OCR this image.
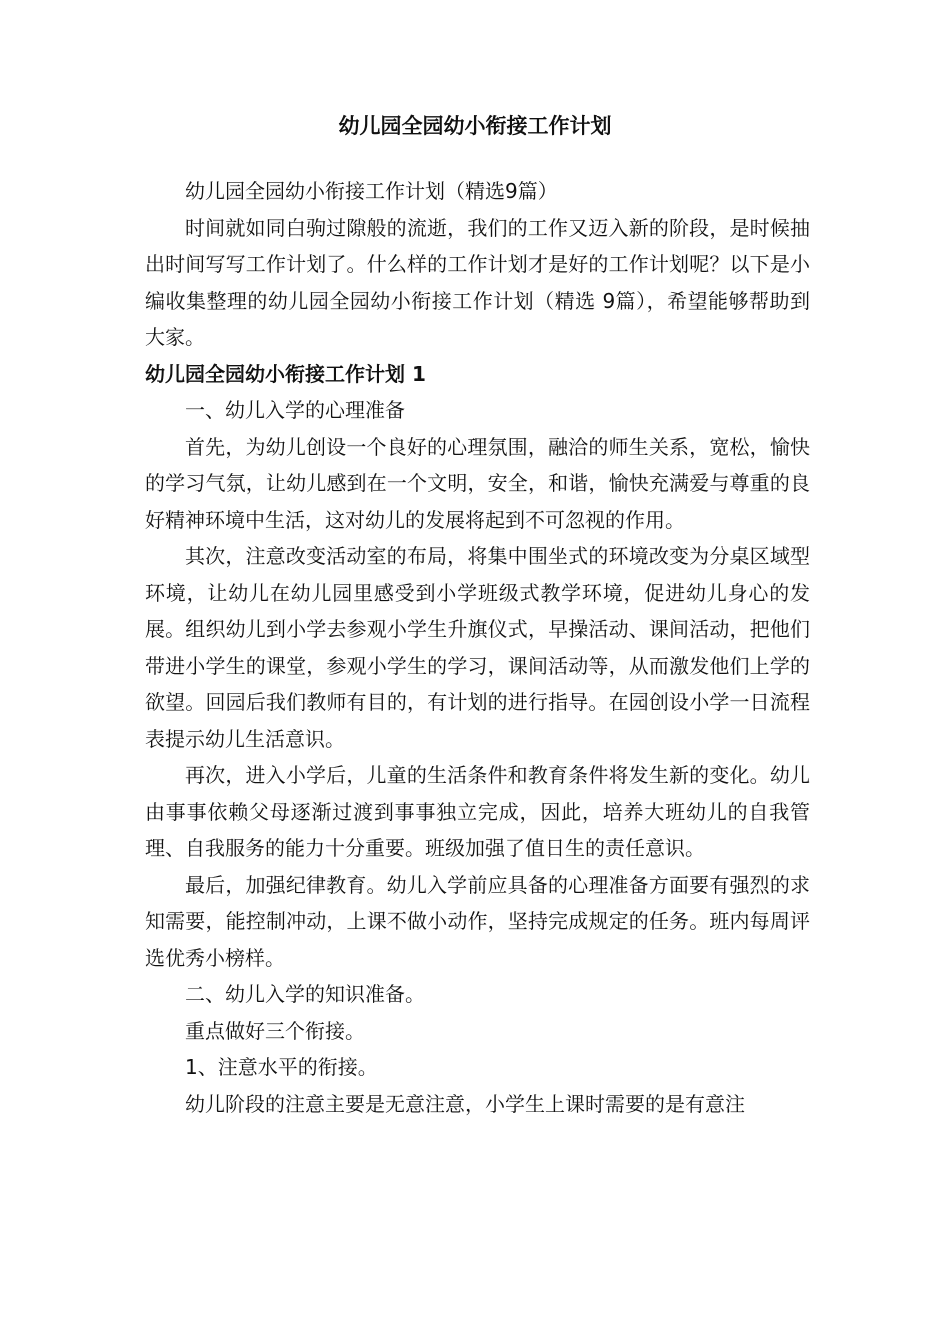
幼儿园全园幼小衔接工作计划

幼儿园全园幼小衔接工作计划（精选9篇）

时间就如同白驹过隙般的流逝，我们的工作又迈入新的阶段，是时候抽出时间写写工作计划了。什么样的工作计划才是好的工作计划呢？以下是小编收集整理的幼儿园全园幼小衔接工作计划（精选 9篇），希望能够帮助到大家。

幼儿园全园幼小衔接工作计划 1

一、幼儿入学的心理准备

首先，为幼儿创设一个良好的心理氛围，融洽的师生关系，宽松，愉快的学习气氛，让幼儿感到在一个文明，安全，和谐，愉快充满爱与尊重的良好精神环境中生活，这对幼儿的发展将起到不可忽视的作用。

其次，注意改变活动室的布局，将集中围坐式的环境改变为分桌区域型环境，让幼儿在幼儿园里感受到小学班级式教学环境，促进幼儿身心的发展。组织幼儿到小学去参观小学生升旗仪式，早操活动、课间活动，把他们带进小学生的课堂，参观小学生的学习，课间活动等，从而激发他们上学的欲望。回园后我们教师有目的，有计划的进行指导。在园创设小学一日流程表提示幼儿生活意识。

再次，进入小学后，儿童的生活条件和教育条件将发生新的变化。幼儿由事事依赖父母逐渐过渡到事事独立完成，因此，培养大班幼儿的自我管理、自我服务的能力十分重要。班级加强了值日生的责任意识。

最后，加强纪律教育。幼儿入学前应具备的心理准备方面要有强烈的求知需要，能控制冲动，上课不做小动作，坚持完成规定的任务。班内每周评选优秀小榜样。

二、幼儿入学的知识准备。

重点做好三个衔接。

1、注意水平的衔接。

幼儿阶段的注意主要是无意注意，小学生上课时需要的是有意注
